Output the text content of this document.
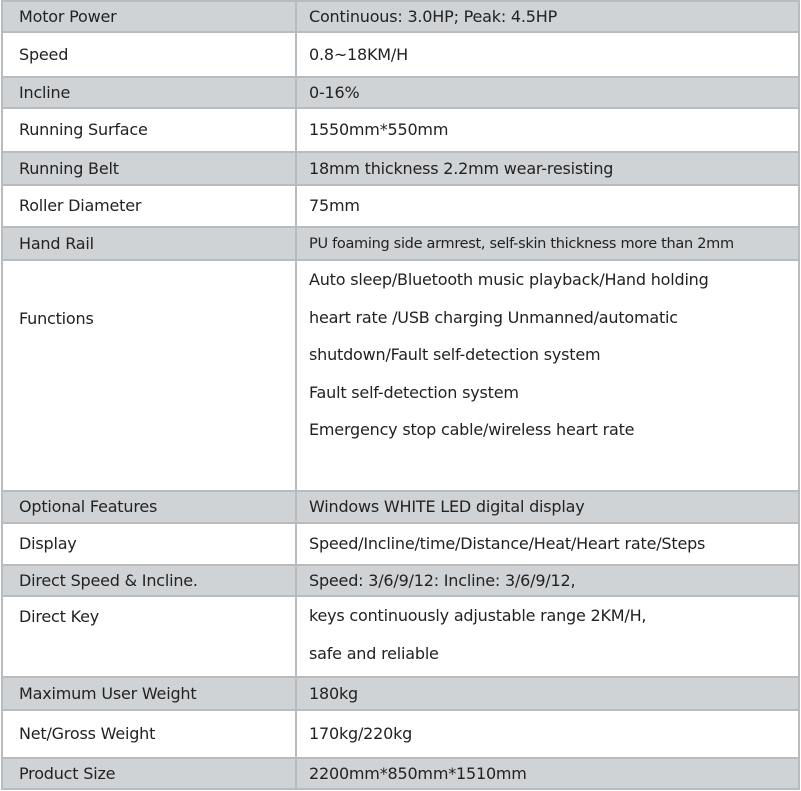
Motor Power	Continuous: 3.0HP; Peak: 4.5HP
Speed	0.8~18KM/H
Incline	0-16%
Running Surface	1550mm*550mm
Running Belt	18mm thickness 2.2mm wear-resisting
Roller Diameter	75mm
Hand Rail	PU foaming side armrest, self-skin thickness more than 2mm
Functions	Auto sleep/Bluetooth music playback/Hand holding
heart rate /USB charging Unmanned/automatic
shutdown/Fault self-detection system
Fault self-detection system
Emergency stop cable/wireless heart rate

Optional Features	Windows WHITE LED digital display
Display	Speed/Incline/time/Distance/Heat/Heart rate/Steps
Direct Speed & Incline.	Speed: 3/6/9/12: Incline: 3/6/9/12,
Direct Key	keys continuously adjustable range 2KM/H,
safe and reliable

Maximum User Weight	180kg
Net/Gross Weight	170kg/220kg
Product Size	2200mm*850mm*1510mm
